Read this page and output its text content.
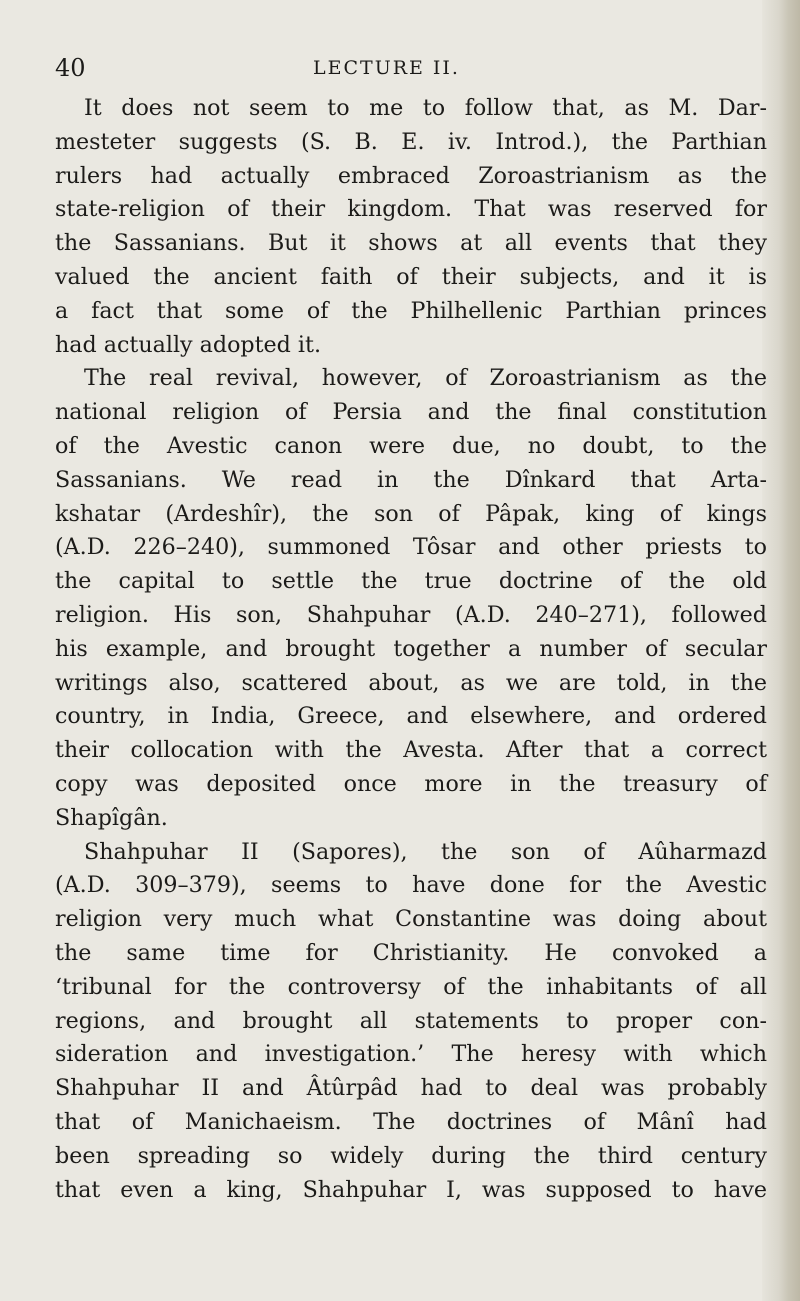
40	LECTURE II.
It does not seem to me to follow that, as M. Dar-
mesteter suggests (S. B. E. iv. Introd.), the Parthian
rulers had actually embraced Zoroastrianism as the
state-religion of their kingdom. That was reserved for
the Sassanians. But it shows at all events that they
valued the ancient faith of their subjects, and it is
a fact that some of the Philhellenic Parthian princes
had actually adopted it.
The real revival, however, of Zoroastrianism as the
national religion of Persia and the final constitution
of the Avestic canon were due, no doubt, to the
Sassanians. We read in the Dînkard that Arta-
kshatar (Ardeshîr), the son of Pâpak, king of kings
(A.D. 226–240), summoned Tôsar and other priests to
the capital to settle the true doctrine of the old
religion. His son, Shahpuhar (A.D. 240–271), followed
his example, and brought together a number of secular
writings also, scattered about, as we are told, in the
country, in India, Greece, and elsewhere, and ordered
their collocation with the Avesta. After that a correct
copy was deposited once more in the treasury of
Shapîgân.
Shahpuhar II (Sapores), the son of Aûharmazd
(A.D. 309–379), seems to have done for the Avestic
religion very much what Constantine was doing about
the same time for Christianity. He convoked a
‘tribunal for the controversy of the inhabitants of all
regions, and brought all statements to proper con-
sideration and investigation.’ The heresy with which
Shahpuhar II and Âtûrpâd had to deal was probably
that of Manichaeism. The doctrines of Mânî had
been spreading so widely during the third century
that even a king, Shahpuhar I, was supposed to have
